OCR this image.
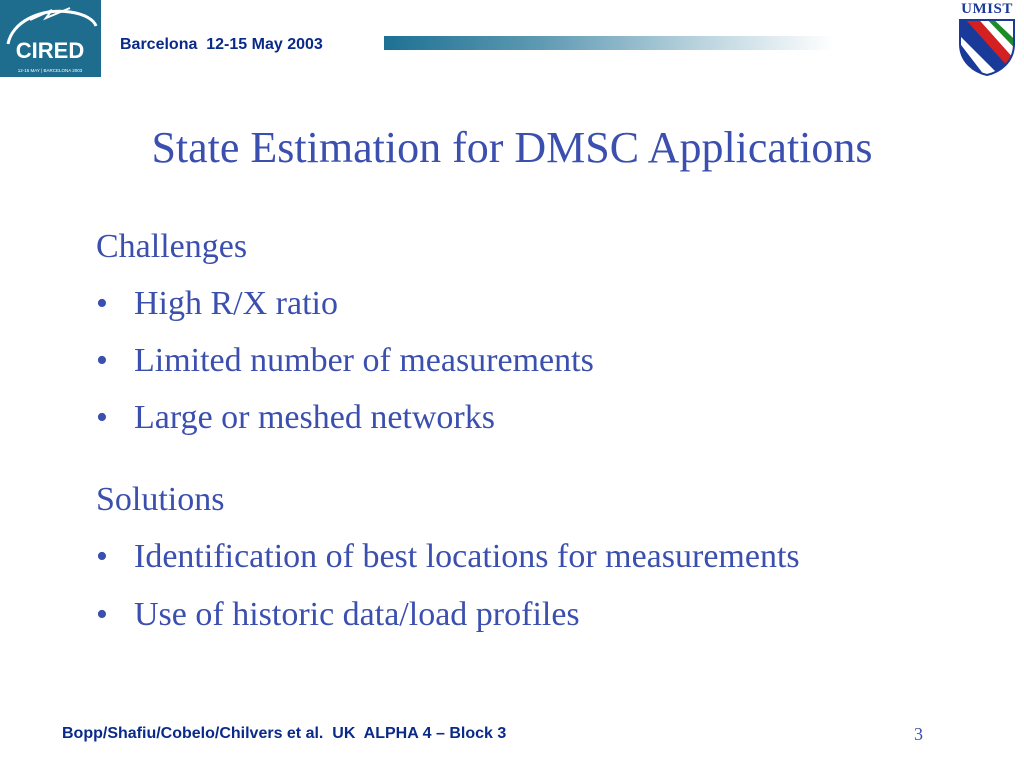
CIRED
12-15 MAY | BARCELONA 2003
Barcelona  12-15 May 2003
UMIST
State Estimation for DMSC Applications
Challenges
• High R/X ratio
• Limited number of measurements
• Large or meshed networks
Solutions
• Identification of best locations for measurements
• Use of historic data/load profiles
Bopp/Shafiu/Cobelo/Chilvers et al.  UK  ALPHA 4 – Block 3	3
